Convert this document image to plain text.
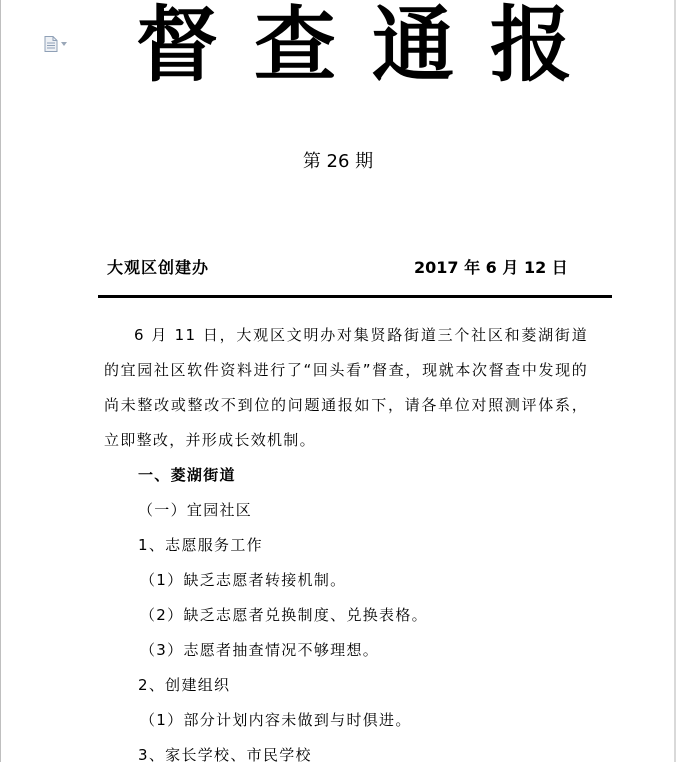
督查通报
第 26 期
大观区创建办	2017 年 6 月 12 日

6 月 11 日，大观区文明办对集贤路街道三个社区和菱湖街道的宜园社区软件资料进行了“回头看”督查，现就本次督查中发现的尚未整改或整改不到位的问题通报如下，请各单位对照测评体系，立即整改，并形成长效机制。

一、菱湖街道

（一）宜园社区

1、志愿服务工作

（1）缺乏志愿者转接机制。

（2）缺乏志愿者兑换制度、兑换表格。

（3）志愿者抽查情况不够理想。

2、创建组织

（1）部分计划内容未做到与时俱进。

3、家长学校、市民学校
